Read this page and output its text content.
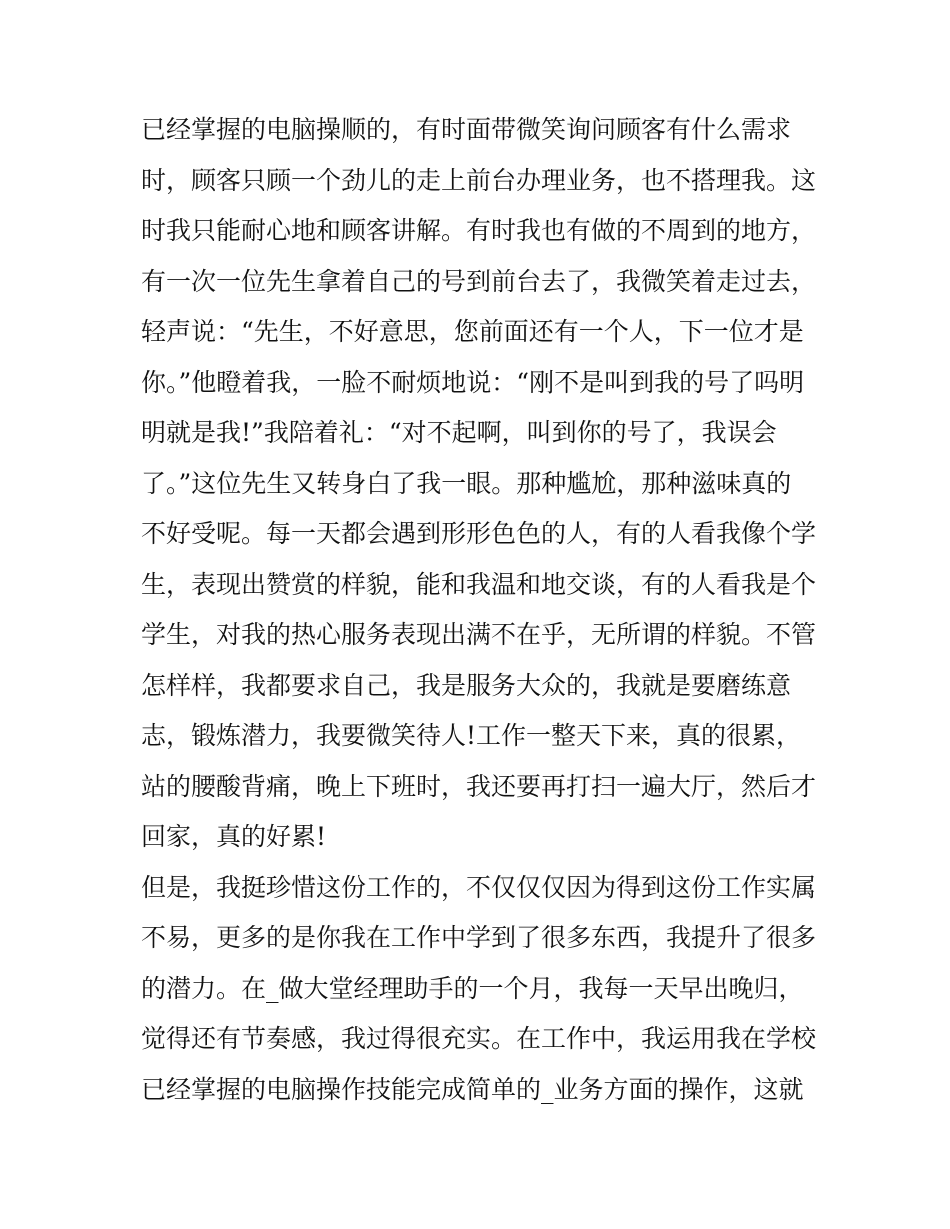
已经掌握的电脑操顺的，有时面带微笑询问顾客有什么需求
时，顾客只顾一个劲儿的走上前台办理业务，也不搭理我。这
时我只能耐心地和顾客讲解。有时我也有做的不周到的地方，
有一次一位先生拿着自己的号到前台去了，我微笑着走过去，
轻声说：“先生，不好意思，您前面还有一个人，下一位才是
你。”他瞪着我，一脸不耐烦地说：“刚不是叫到我的号了吗明
明就是我!”我陪着礼：“对不起啊，叫到你的号了，我误会
了。”这位先生又转身白了我一眼。那种尴尬，那种滋味真的
不好受呢。每一天都会遇到形形色色的人，有的人看我像个学
生，表现出赞赏的样貌，能和我温和地交谈，有的人看我是个
学生，对我的热心服务表现出满不在乎，无所谓的样貌。不管
怎样样，我都要求自己，我是服务大众的，我就是要磨练意
志，锻炼潜力，我要微笑待人!工作一整天下来，真的很累，
站的腰酸背痛，晚上下班时，我还要再打扫一遍大厅，然后才
回家，真的好累!
但是，我挺珍惜这份工作的，不仅仅仅因为得到这份工作实属
不易，更多的是你我在工作中学到了很多东西，我提升了很多
的潜力。在_做大堂经理助手的一个月，我每一天早出晚归，
觉得还有节奏感，我过得很充实。在工作中，我运用我在学校
已经掌握的电脑操作技能完成简单的_业务方面的操作，这就
